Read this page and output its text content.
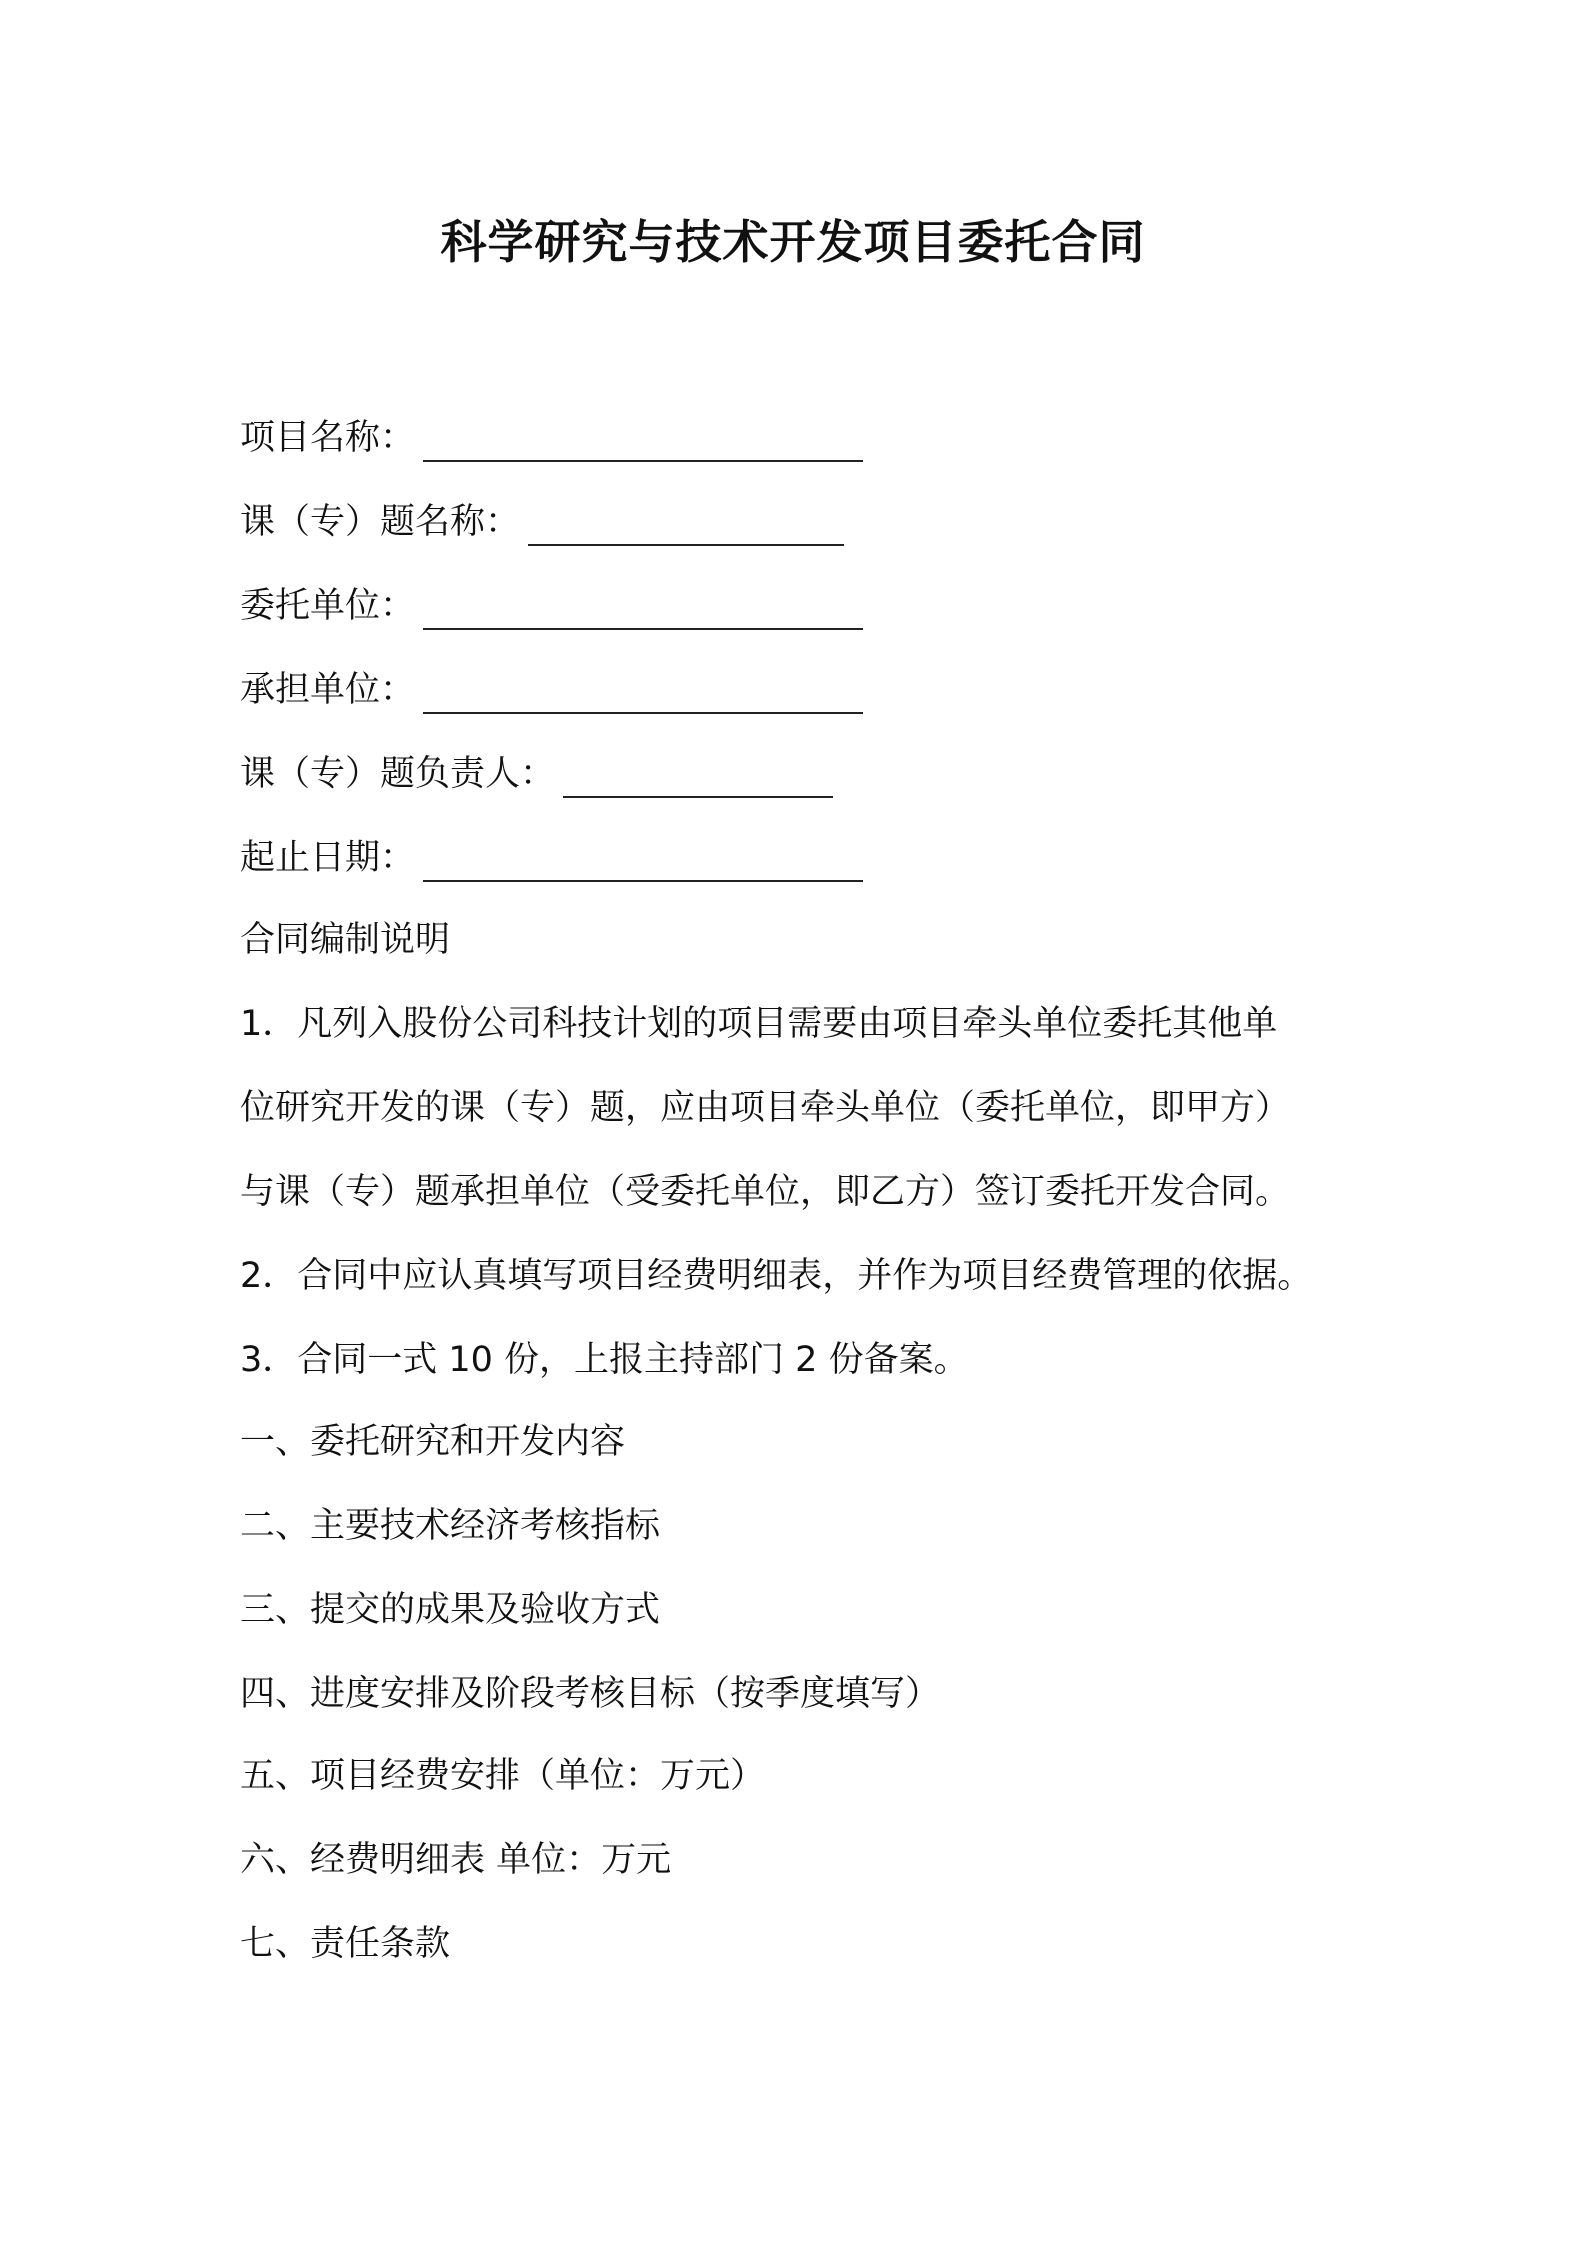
科学研究与技术开发项目委托合同
项目名称：
课（专）题名称：
委托单位：
承担单位：
课（专）题负责人：
起止日期：
合同编制说明
1．凡列入股份公司科技计划的项目需要由项目牵头单位委托其他单
位研究开发的课（专）题，应由项目牵头单位（委托单位，即甲方）
与课（专）题承担单位（受委托单位，即乙方）签订委托开发合同。
2．合同中应认真填写项目经费明细表，并作为项目经费管理的依据。
3．合同一式 10 份，上报主持部门 2 份备案。
一、委托研究和开发内容
二、主要技术经济考核指标
三、提交的成果及验收方式
四、进度安排及阶段考核目标（按季度填写）
五、项目经费安排（单位：万元）
六、经费明细表 单位：万元
七、责任条款
